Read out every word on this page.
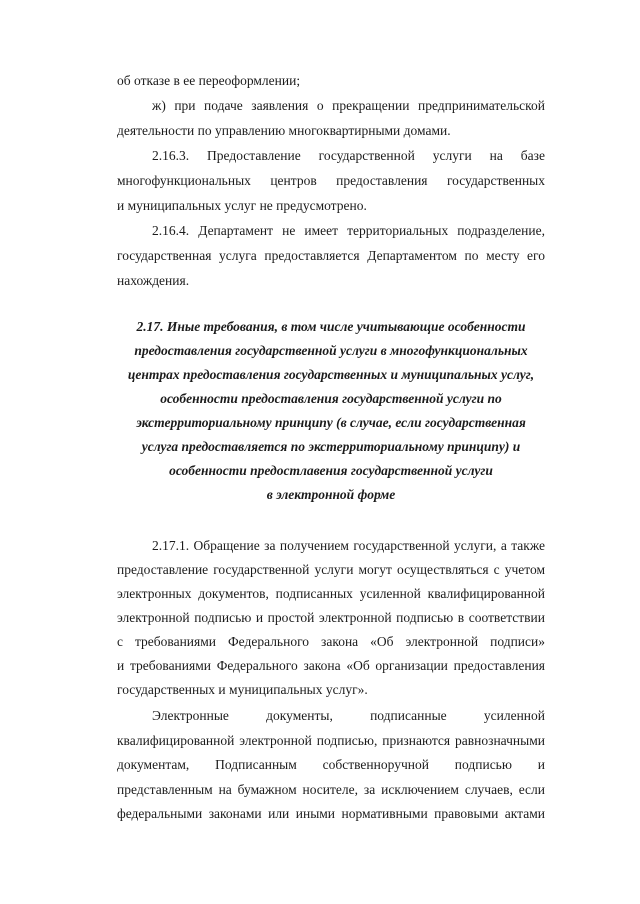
об отказе в ее переоформлении;
ж) при подаче заявления о прекращении предпринимательской
деятельности по управлению многоквартирными домами.
2.16.3. Предоставление государственной услуги на базе
многофункциональных центров предоставления государственных
и муниципальных услуг не предусмотрено.
2.16.4. Департамент не имеет территориальных подразделение,
государственная услуга предоставляется Департаментом по месту его
нахождения.
2.17. Иные требования, в том числе учитывающие особенности
предоставления государственной услуги в многофункциональных
центрах предоставления государственных и муниципальных услуг,
особенности предоставления государственной услуги по
экстерриториальному принципу (в случае, если государственная
услуга предоставляется по экстерриториальному принципу) и
особенности предостлавения государственной услуги
в электронной форме
2.17.1. Обращение за получением государственной услуги, а также
предоставление государственной услуги могут осуществляться с учетом
электронных документов, подписанных усиленной квалифицированной
электронной подписью и простой электронной подписью в соответствии
с требованиями Федерального закона «Об электронной подписи»
и требованиями Федерального закона «Об организации предоставления
государственных и муниципальных услуг».
Электронные документы, подписанные усиленной
квалифицированной электронной подписью, признаются равнозначными
документам, Подписанным собственноручной подписью и
представленным на бумажном носителе, за исключением случаев, если
федеральными законами или иными нормативными правовыми актами
